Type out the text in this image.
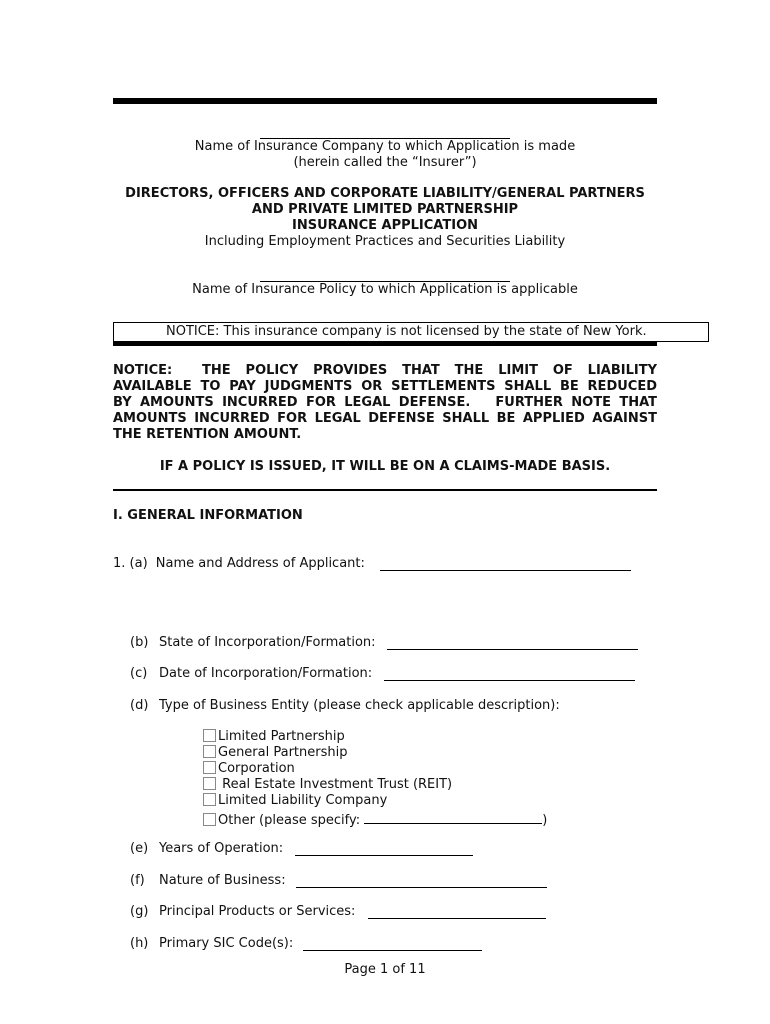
Name of Insurance Company to which Application is made
(herein called the “Insurer”)
DIRECTORS, OFFICERS AND CORPORATE LIABILITY/GENERAL PARTNERS
AND PRIVATE LIMITED PARTNERSHIP
INSURANCE APPLICATION
Including Employment Practices and Securities Liability
Name of Insurance Policy to which Application is applicable
NOTICE: This insurance company is not licensed by the state of New York.
NOTICE:    THE  POLICY  PROVIDES  THAT  THE  LIMIT  OF  LIABILITY
AVAILABLE TO PAY JUDGMENTS OR SETTLEMENTS SHALL BE REDUCED
BY AMOUNTS INCURRED FOR LEGAL DEFENSE.   FURTHER NOTE THAT
AMOUNTS INCURRED FOR LEGAL DEFENSE SHALL BE APPLIED AGAINST
THE RETENTION AMOUNT.
IF A POLICY IS ISSUED, IT WILL BE ON A CLAIMS-MADE BASIS.
I. GENERAL INFORMATION
1. (a) Name and Address of Applicant:
(b) State of Incorporation/Formation:
(c) Date of Incorporation/Formation:
(d) Type of Business Entity (please check applicable description):
Limited Partnership
General Partnership
Corporation
Real Estate Investment Trust (REIT)
Limited Liability Company
Other (please specify:	)
(e) Years of Operation:
(f) Nature of Business:
(g) Principal Products or Services:
(h) Primary SIC Code(s):
Page 1 of 11
